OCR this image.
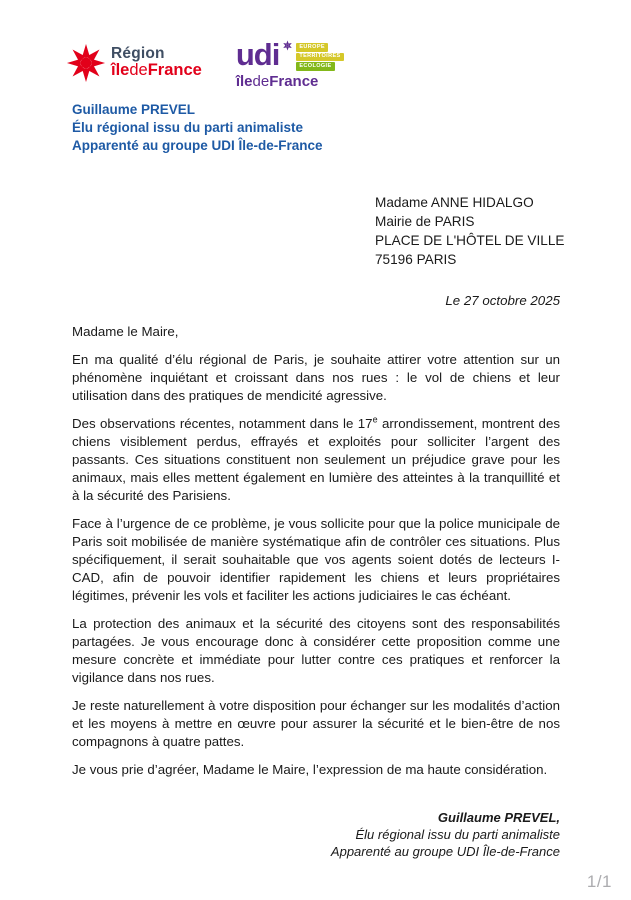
Région
îledeFrance udi	EUROPE
TERRITOIRES
ECOLOGIE
îledeFrance
Guillaume PREVEL
Élu régional issu du parti animaliste
Apparenté au groupe UDI Île-de-France
Madame ANNE HIDALGO
Mairie de PARIS
PLACE DE L'HÔTEL DE VILLE
75196 PARIS
Le 27 octobre 2025
Madame le Maire,

En ma qualité d’élu régional de Paris, je souhaite attirer votre attention sur un phénomène inquiétant et croissant dans nos rues : le vol de chiens et leur utilisation dans des pratiques de mendicité agressive.

Des observations récentes, notamment dans le 17e arrondissement, montrent des chiens visiblement perdus, effrayés et exploités pour solliciter l’argent des passants. Ces situations constituent non seulement un préjudice grave pour les animaux, mais elles mettent également en lumière des atteintes à la tranquillité et à la sécurité des Parisiens.

Face à l’urgence de ce problème, je vous sollicite pour que la police municipale de Paris soit mobilisée de manière systématique afin de contrôler ces situations. Plus spécifiquement, il serait souhaitable que vos agents soient dotés de lecteurs I-CAD, afin de pouvoir identifier rapidement les chiens et leurs propriétaires légitimes, prévenir les vols et faciliter les actions judiciaires le cas échéant.

La protection des animaux et la sécurité des citoyens sont des responsabilités partagées. Je vous encourage donc à considérer cette proposition comme une mesure concrète et immédiate pour lutter contre ces pratiques et renforcer la vigilance dans nos rues.

Je reste naturellement à votre disposition pour échanger sur les modalités d’action et les moyens à mettre en œuvre pour assurer la sécurité et le bien-être de nos compagnons à quatre pattes.

Je vous prie d’agréer, Madame le Maire, l’expression de ma haute considération.

Guillaume PREVEL,
Élu régional issu du parti animaliste
Apparenté au groupe UDI Île-de-France
1/1
